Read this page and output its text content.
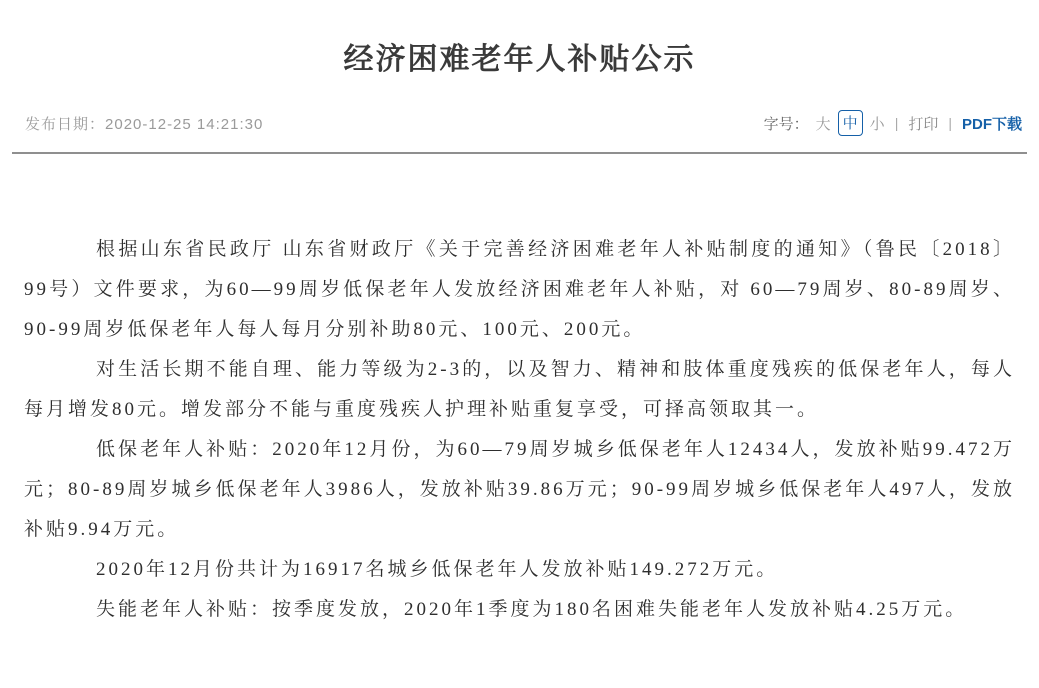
经济困难老年人补贴公示
发布日期：2020-12-25 14:21:30	字号： 大 中 小 | 打印 | PDF下载

根据山东省民政厅 山东省财政厅《关于完善经济困难老年人补贴制度的通知》（鲁民〔2018〕99号）文件要求，为60—99周岁低保老年人发放经济困难老年人补贴，对 60—79周岁、80-89周岁、90-99周岁低保老年人每人每月分别补助80元、100元、200元。

对生活长期不能自理、能力等级为2-3的，以及智力、精神和肢体重度残疾的低保老年人，每人每月增发80元。增发部分不能与重度残疾人护理补贴重复享受，可择高领取其一。

低保老年人补贴：2020年12月份，为60—79周岁城乡低保老年人12434人，发放补贴99.472万元；80-89周岁城乡低保老年人3986人，发放补贴39.86万元；90-99周岁城乡低保老年人497人，发放补贴9.94万元。

2020年12月份共计为16917名城乡低保老年人发放补贴149.272万元。

失能老年人补贴：按季度发放，2020年1季度为180名困难失能老年人发放补贴4.25万元。
